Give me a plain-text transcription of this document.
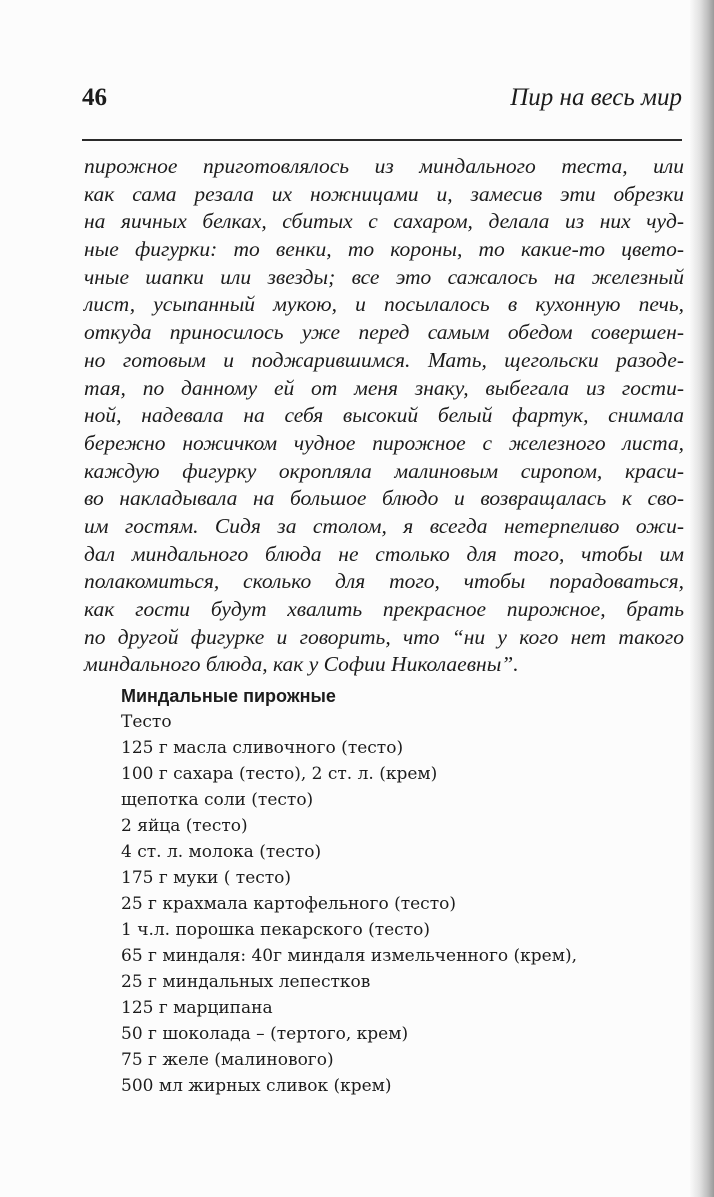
46	Пир на весь мир
пирожное приготовлялось из миндального теста, или
как сама резала их ножницами и, замесив эти обрезки
на яичных белках, сбитых с сахаром, делала из них чуд-
ные фигурки: то венки, то короны, то какие-то цвето-
чные шапки или звезды; все это сажалось на железный
лист, усыпанный мукою, и посылалось в кухонную печь,
откуда приносилось уже перед самым обедом совершен-
но готовым и поджарившимся. Мать, щегольски разоде-
тая, по данному ей от меня знаку, выбегала из гости-
ной, надевала на себя высокий белый фартук, снимала
бережно ножичком чудное пирожное с железного листа,
каждую фигурку окропляла малиновым сиропом, краси-
во накладывала на большое блюдо и возвращалась к сво-
им гостям. Сидя за столом, я всегда нетерпеливо ожи-
дал миндального блюда не столько для того, чтобы им
полакомиться, сколько для того, чтобы порадоваться,
как гости будут хвалить прекрасное пирожное, брать
по другой фигурке и говорить, что “ни у кого нет такого
миндального блюда, как у Софии Николаевны”.
Миндальные пирожные
Тесто
125 г масла сливочного (тесто)
100 г сахара (тесто), 2 ст. л. (крем)
щепотка соли (тесто)
2 яйца (тесто)
4 ст. л. молока (тесто)
175 г муки ( тесто)
25 г крахмала картофельного (тесто)
1 ч.л. порошка пекарского (тесто)
65 г миндаля: 40г миндаля измельченного (крем),
25 г миндальных лепестков
125 г марципана
50 г шоколада – (тертого, крем)
75 г желе (малинового)
500 мл жирных сливок (крем)
